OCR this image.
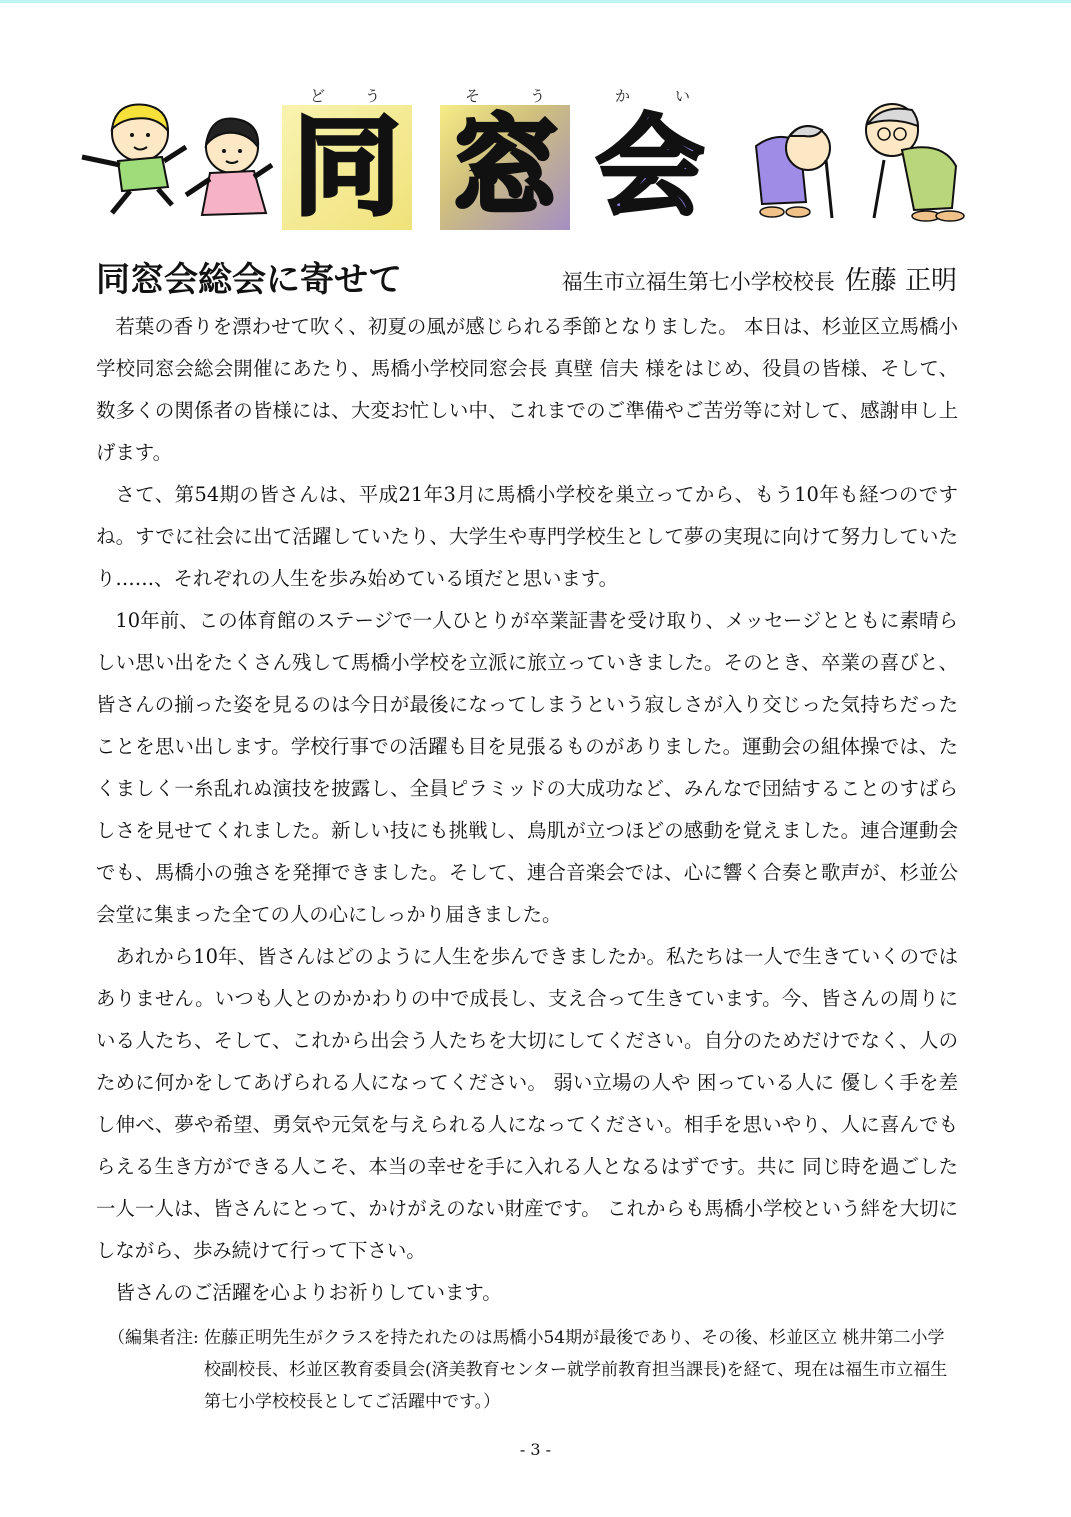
ど	う	そ	う	か	い
同 窓 会
同窓会総会に寄せて	福生市立福生第七小学校校長 佐藤 正明

若葉の香りを漂わせて吹く、初夏の風が感じられる季節となりました。 本日は、杉並区立馬橋小学校同窓会総会開催にあたり、馬橋小学校同窓会長 真壁 信夫 様をはじめ、役員の皆様、そして、数多くの関係者の皆様には、大変お忙しい中、これまでのご準備やご苦労等に対して、感謝申し上げます。

さて、第54期の皆さんは、平成21年3月に馬橋小学校を巣立ってから、もう10年も経つのですね。すでに社会に出て活躍していたり、大学生や専門学校生として夢の実現に向けて努力していたり……、それぞれの人生を歩み始めている頃だと思います。

10年前、この体育館のステージで一人ひとりが卒業証書を受け取り、メッセージとともに素晴らしい思い出をたくさん残して馬橋小学校を立派に旅立っていきました。そのとき、卒業の喜びと、皆さんの揃った姿を見るのは今日が最後になってしまうという寂しさが入り交じった気持ちだったことを思い出します。学校行事での活躍も目を見張るものがありました。運動会の組体操では、たくましく一糸乱れぬ演技を披露し、全員ピラミッドの大成功など、みんなで団結することのすばらしさを見せてくれました。新しい技にも挑戦し、鳥肌が立つほどの感動を覚えました。連合運動会でも、馬橋小の強さを発揮できました。そして、連合音楽会では、心に響く合奏と歌声が、杉並公会堂に集まった全ての人の心にしっかり届きました。

あれから10年、皆さんはどのように人生を歩んできましたか。私たちは一人で生きていくのではありません。いつも人とのかかわりの中で成長し、支え合って生きています。今、皆さんの周りにいる人たち、そして、これから出会う人たちを大切にしてください。自分のためだけでなく、人のために何かをしてあげられる人になってください。 弱い立場の人や 困っている人に 優しく手を差し伸べ、夢や希望、勇気や元気を与えられる人になってください。相手を思いやり、人に喜んでもらえる生き方ができる人こそ、本当の幸せを手に入れる人となるはずです。共に 同じ時を過ごした一人一人は、皆さんにとって、かけがえのない財産です。 これからも馬橋小学校という絆を大切にしながら、歩み続けて行って下さい。

皆さんのご活躍を心よりお祈りしています。

（編集者注: 佐藤正明先生がクラスを持たれたのは馬橋小54期が最後であり、その後、杉並区立 桃井第二小学校副校長、杉並区教育委員会(済美教育センター就学前教育担当課長)を経て、現在は福生市立福生第七小学校校長としてご活躍中です。）
- 3 -
